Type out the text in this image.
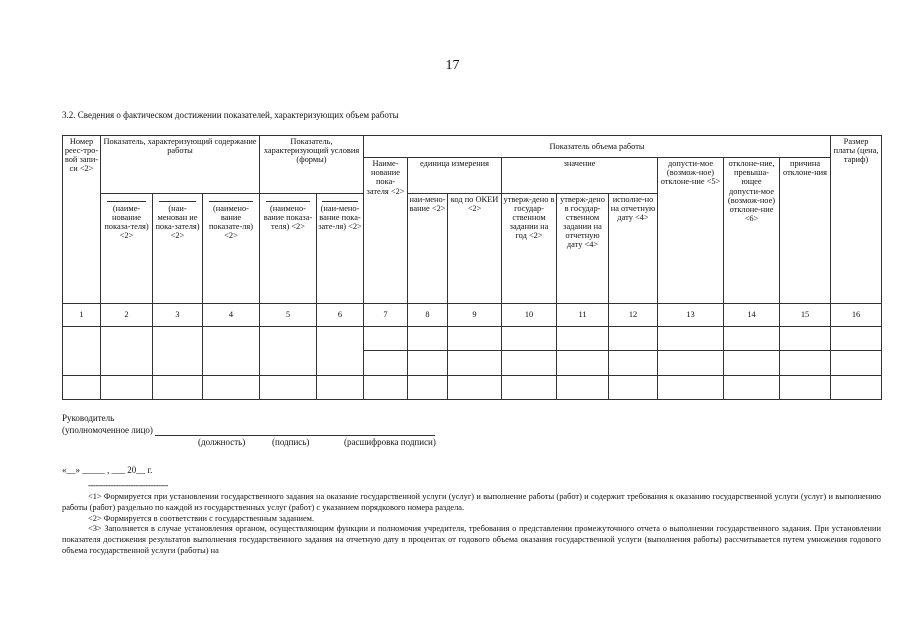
17
3.2. Сведения о фактическом достижении показателей, характеризующих объем работы
Номер реес-тро-вой запи-си <2>	Показатель, характеризующий содержание работы			Показатель, характеризующий условия (формы)		Показатель объема работы									Размер платы (цена, тариф)
						Наиме-нование пока-зателя <2>	единица измерения		значение			допусти-мое (возмож-ное) отклоне-ние <5>	отклоне-ние, превыша-ющее допусти-мое (возмож-ное) отклоне-ние <6>	причина отклоне-ния	

	(наиме-нование показа-теля) <2>	(наи-менован ие пока-зателя) <2>	(наимено-вание показате-ля) <2>	(наимено-вание показа-теля) <2>	(наи-мено-вание пока-зате-ля) <2>		наи-мено-вание <2>	код по ОКЕИ <2>	утверж-дено в государ-ственном задании на год <2>	утверж-дено в государ-ственном задании на отчетную дату <4>	исполне-но на отчетную дату <4>				

1	2	3	4	5	6	7	8	9	10	11	12	13	14	15	16

Руководитель
(уполномоченное лицо)
(должность)	(подпись)	(расшифровка подписи)
«__» _____ , ___ 20__ г.
--------------------------------

<1> Формируется при установлении государственного задания на оказание государственной услуги (услуг) и выполнение работы (работ) и содержит требования к оказанию государственной услуги (услуг) и выполнению работы (работ) раздельно по каждой из государственных услуг (работ) с указанием порядкового номера раздела.

<2> Формируется в соответствии с государственным заданием.

<3> Заполняется в случае установления органом, осуществляющим функции и полномочия учредителя, требования о представлении промежуточного отчета о выполнении государственного задания. При установлении показателя достижения результатов выполнения государственного задания на отчетную дату в процентах от годового объема оказания государственной услуги (выполнения работы) рассчитывается путем умножения годового объема государственной услуги (работы) на
